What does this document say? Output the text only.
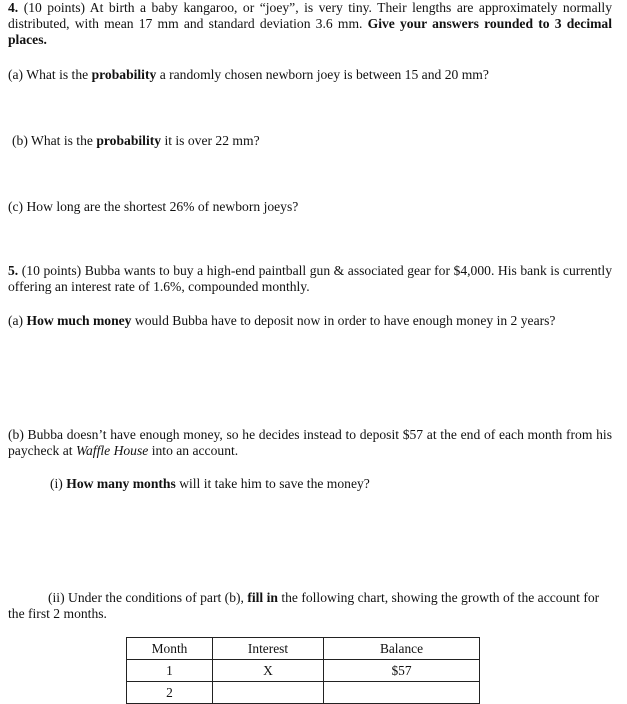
4. (10 points) At birth a baby kangaroo, or “joey”, is very tiny. Their lengths are approximately normally distributed, with mean 17 mm and standard deviation 3.6 mm. Give your answers rounded to 3 decimal places.
(a) What is the probability a randomly chosen newborn joey is between 15 and 20 mm?
(b) What is the probability it is over 22 mm?
(c) How long are the shortest 26% of newborn joeys?
5. (10 points) Bubba wants to buy a high-end paintball gun & associated gear for $4,000. His bank is currently offering an interest rate of 1.6%, compounded monthly.
(a) How much money would Bubba have to deposit now in order to have enough money in 2 years?
(b) Bubba doesn’t have enough money, so he decides instead to deposit $57 at the end of each month from his paycheck at Waffle House into an account.
(i) How many months will it take him to save the money?
(ii) Under the conditions of part (b), fill in the following chart, showing the growth of the account for the first 2 months.
Month	Interest	Balance
1	X	$57
2		
